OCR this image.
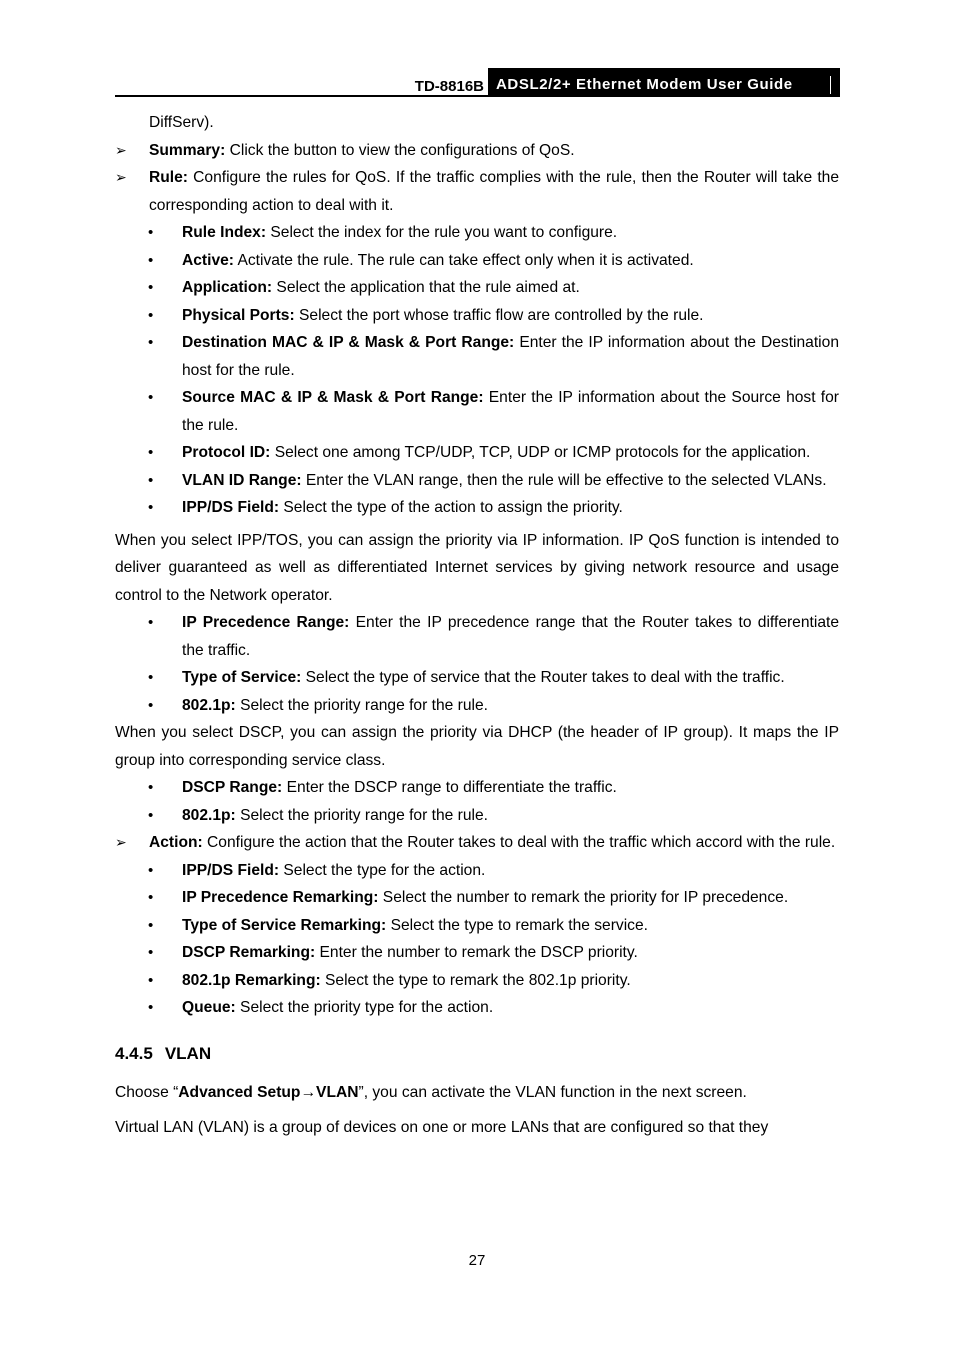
TD-8816B ADSL2/2+ Ethernet Modem User Guide
DiffServ).
➢ Summary: Click the button to view the configurations of QoS.
➢ Rule: Configure the rules for QoS. If the traffic complies with the rule, then the Router will take the corresponding action to deal with it.
• Rule Index: Select the index for the rule you want to configure.
• Active: Activate the rule. The rule can take effect only when it is activated.
• Application: Select the application that the rule aimed at.
• Physical Ports: Select the port whose traffic flow are controlled by the rule.
• Destination MAC & IP & Mask & Port Range: Enter the IP information about the Destination host for the rule.
• Source MAC & IP & Mask & Port Range: Enter the IP information about the Source host for the rule.
• Protocol ID: Select one among TCP/UDP, TCP, UDP or ICMP protocols for the application.
• VLAN ID Range: Enter the VLAN range, then the rule will be effective to the selected VLANs.
• IPP/DS Field: Select the type of the action to assign the priority.

When you select IPP/TOS, you can assign the priority via IP information. IP QoS function is intended to deliver guaranteed as well as differentiated Internet services by giving network resource and usage control to the Network operator.

• IP Precedence Range: Enter the IP precedence range that the Router takes to differentiate the traffic.
• Type of Service: Select the type of service that the Router takes to deal with the traffic.
• 802.1p: Select the priority range for the rule.

When you select DSCP, you can assign the priority via DHCP (the header of IP group). It maps the IP group into corresponding service class.

• DSCP Range: Enter the DSCP range to differentiate the traffic.
• 802.1p: Select the priority range for the rule.
➢ Action: Configure the action that the Router takes to deal with the traffic which accord with the rule.
• IPP/DS Field: Select the type for the action.
• IP Precedence Remarking: Select the number to remark the priority for IP precedence.
• Type of Service Remarking: Select the type to remark the service.
• DSCP Remarking: Enter the number to remark the DSCP priority.
• 802.1p Remarking: Select the type to remark the 802.1p priority.
• Queue: Select the priority type for the action.
4.4.5 VLAN

Choose “Advanced Setup→VLAN”, you can activate the VLAN function in the next screen.

Virtual LAN (VLAN) is a group of devices on one or more LANs that are configured so that they

27
